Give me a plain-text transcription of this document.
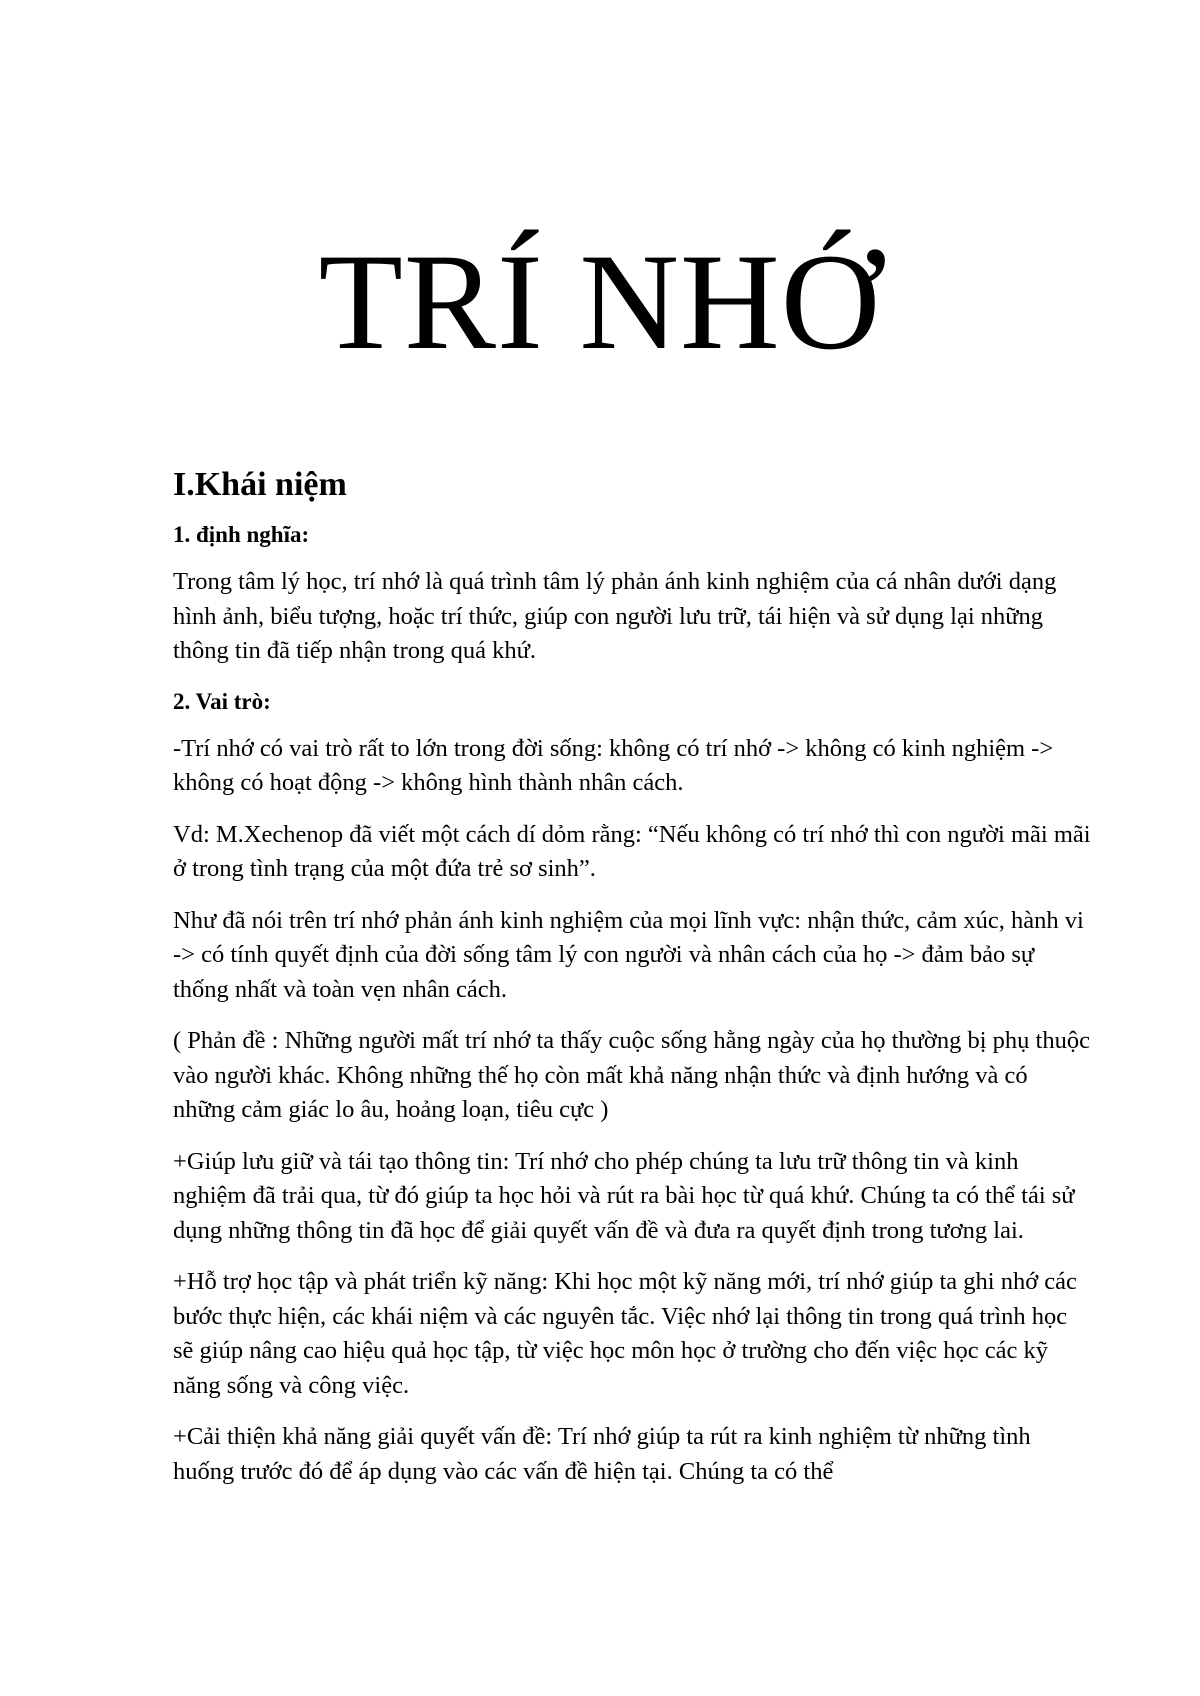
TRÍ NHỚ
I.Khái niệm
1. định nghĩa:

Trong tâm lý học, trí nhớ là quá trình tâm lý phản ánh kinh nghiệm của cá nhân dưới dạng hình ảnh, biểu tượng, hoặc trí thức, giúp con người lưu trữ, tái hiện và sử dụng lại những thông tin đã tiếp nhận trong quá khứ.

2. Vai trò:

-Trí nhớ có vai trò rất to lớn trong đời sống: không có trí nhớ -> không có kinh nghiệm -> không có hoạt động -> không hình thành nhân cách.

Vd: M.Xechenop đã viết một cách dí dỏm rằng: “Nếu không có trí nhớ thì con người mãi mãi ở trong tình trạng của một đứa trẻ sơ sinh”.

Như đã nói trên trí nhớ phản ánh kinh nghiệm của mọi lĩnh vực: nhận thức, cảm xúc, hành vi -> có tính quyết định của đời sống tâm lý con người và nhân cách của họ -> đảm bảo sự thống nhất và toàn vẹn nhân cách.

( Phản đề : Những người mất trí nhớ ta thấy cuộc sống hằng ngày của họ thường bị phụ thuộc vào người khác. Không những thế họ còn mất khả năng nhận thức và định hướng và có những cảm giác lo âu, hoảng loạn, tiêu cực )

+Giúp lưu giữ và tái tạo thông tin: Trí nhớ cho phép chúng ta lưu trữ thông tin và kinh nghiệm đã trải qua, từ đó giúp ta học hỏi và rút ra bài học từ quá khứ. Chúng ta có thể tái sử dụng những thông tin đã học để giải quyết vấn đề và đưa ra quyết định trong tương lai.

+Hỗ trợ học tập và phát triển kỹ năng: Khi học một kỹ năng mới, trí nhớ giúp ta ghi nhớ các bước thực hiện, các khái niệm và các nguyên tắc. Việc nhớ lại thông tin trong quá trình học sẽ giúp nâng cao hiệu quả học tập, từ việc học môn học ở trường cho đến việc học các kỹ năng sống và công việc.

+Cải thiện khả năng giải quyết vấn đề: Trí nhớ giúp ta rút ra kinh nghiệm từ những tình huống trước đó để áp dụng vào các vấn đề hiện tại. Chúng ta có thể
